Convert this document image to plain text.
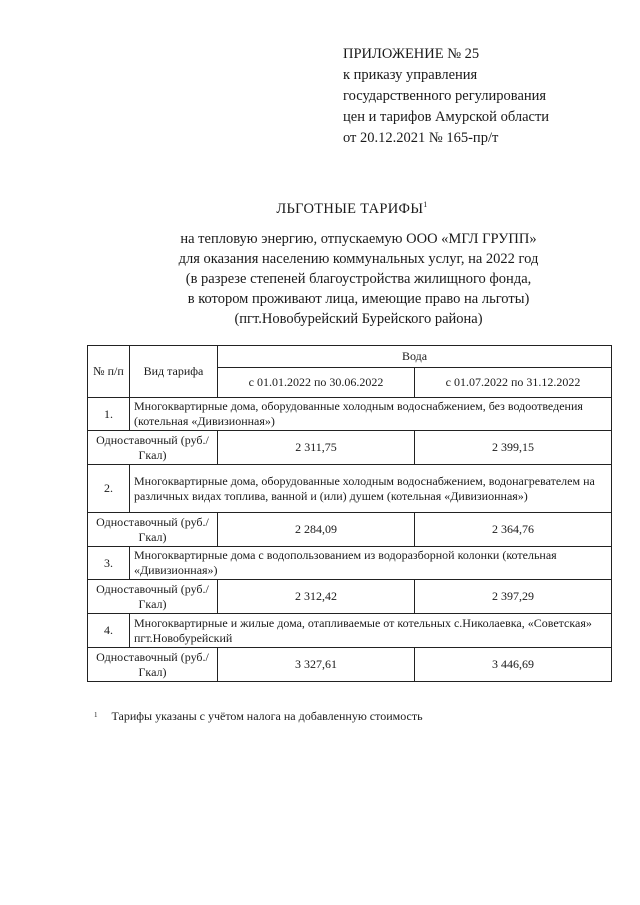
ПРИЛОЖЕНИЕ № 25
к приказу управления
государственного регулирования
цен и тарифов Амурской области
от 20.12.2021 № 165-пр/т
ЛЬГОТНЫЕ ТАРИФЫ$^1$
на тепловую энергию, отпускаемую ООО «МГЛ ГРУПП»
для оказания населению коммунальных услуг, на 2022 год
(в разрезе степеней благоустройства жилищного фонда,
в котором проживают лица, имеющие право на льготы)
(пгт.Новобурейский Бурейского района)
№ п/п	Вид тарифа	Вода	
		с 01.01.2022 по 30.06.2022	с 01.07.2022 по 31.12.2022
1.	Многоквартирные дома, оборудованные холодным водоснабжением, без водоотведения (котельная «Дивизионная»)		
Одноставочный (руб./Гкал)		2 311,75	2 399,15
2.	Многоквартирные дома, оборудованные холодным водоснабжением, водонагревателем на различных видах топлива, ванной и (или) душем (котельная «Дивизионная»)		
Одноставочный (руб./Гкал)		2 284,09	2 364,76
3.	Многоквартирные дома с водопользованием из водоразборной колонки (котельная «Дивизионная»)		
Одноставочный (руб./Гкал)		2 312,42	2 397,29
4.	Многоквартирные и жилые дома, отапливаемые от котельных с.Николаевка, «Советская» пгт.Новобурейский		
Одноставочный (руб./Гкал)		3 327,61	3 446,69
$^1$ Тарифы указаны с учётом налога на добавленную стоимость
